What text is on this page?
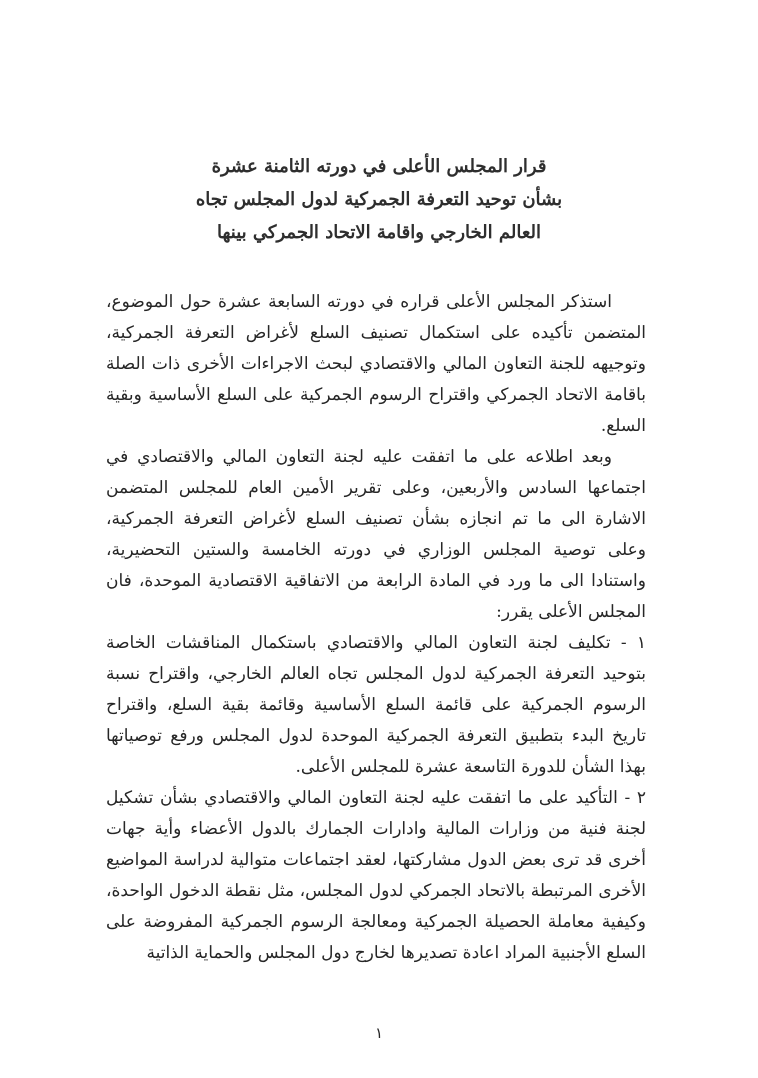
قرار المجلس الأعلى في دورته الثامنة عشرة
بشأن توحيد التعرفة الجمركية لدول المجلس تجاه
العالم الخارجي واقامة الاتحاد الجمركي بينها

استذكر المجلس الأعلى قراره في دورته السابعة عشرة حول الموضوع، المتضمن تأكيده على استكمال تصنيف السلع لأغراض التعرفة الجمركية، وتوجيهه للجنة التعاون المالي والاقتصادي لبحث الاجراءات الأخرى ذات الصلة باقامة الاتحاد الجمركي واقتراح الرسوم الجمركية على السلع الأساسية وبقية السلع.

وبعد اطلاعه على ما اتفقت عليه لجنة التعاون المالي والاقتصادي في اجتماعها السادس والأربعين، وعلى تقرير الأمين العام للمجلس المتضمن الاشارة الى ما تم انجازه بشأن تصنيف السلع لأغراض التعرفة الجمركية، وعلى توصية المجلس الوزاري في دورته الخامسة والستين التحضيرية، واستنادا الى ما ورد في المادة الرابعة من الاتفاقية الاقتصادية الموحدة، فان المجلس الأعلى يقرر:

١ - تكليف لجنة التعاون المالي والاقتصادي باستكمال المناقشات الخاصة بتوحيد التعرفة الجمركية لدول المجلس تجاه العالم الخارجي، واقتراح نسبة الرسوم الجمركية على قائمة السلع الأساسية وقائمة بقية السلع، واقتراح تاريخ البدء بتطبيق التعرفة الجمركية الموحدة لدول المجلس ورفع توصياتها بهذا الشأن للدورة التاسعة عشرة للمجلس الأعلى.

٢ - التأكيد على ما اتفقت عليه لجنة التعاون المالي والاقتصادي بشأن تشكيل لجنة فنية من وزارات المالية وادارات الجمارك بالدول الأعضاء وأية جهات أخرى قد ترى بعض الدول مشاركتها، لعقد اجتماعات متوالية لدراسة المواضيع الأخرى المرتبطة بالاتحاد الجمركي لدول المجلس، مثل نقطة الدخول الواحدة، وكيفية معاملة الحصيلة الجمركية ومعالجة الرسوم الجمركية المفروضة على السلع الأجنبية المراد اعادة تصديرها لخارج دول المجلس والحماية الذاتية

١
